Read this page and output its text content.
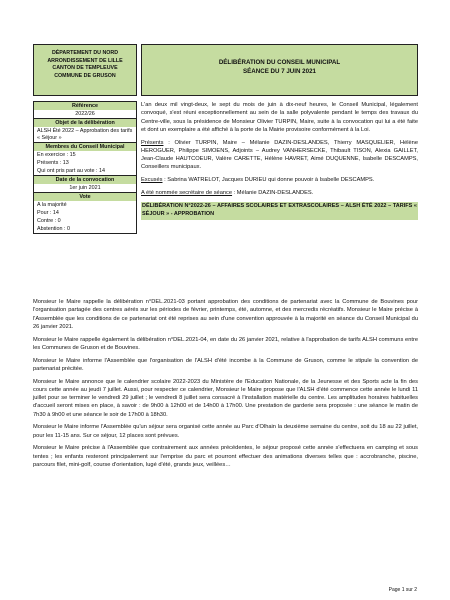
DÉPARTEMENT DU NORD
ARRONDISSEMENT DE LILLE
CANTON DE TEMPLEUVE
COMMUNE DE GRUSON
Référence
2022/26
Objet de la délibération
ALSH Été 2022 – Approbation des tarifs « Séjour »
Membres du Conseil Municipal
En exercice : 15
Présents : 13
Qui ont pris part au vote : 14
Date de la convocation
1er juin 2021
Vote
A la majorité
Pour : 14
Contre : 0
Abstention : 0
DÉLIBÉRATION DU CONSEIL MUNICIPAL
SÉANCE DU 7 JUIN 2021

L'an deux mil vingt-deux, le sept du mois de juin à dix-neuf heures, le Conseil Municipal, légalement convoqué, s'est réuni exceptionnellement au sein de la salle polyvalente pendant le temps des travaux du Centre-ville, sous la présidence de Monsieur Olivier TURPIN, Maire, suite à la convocation qui lui a été faite et dont un exemplaire a été affiché à la porte de la Mairie provisoire conformément à la Loi.

Présents : Olivier TURPIN, Maire – Mélanie DAZIN-DESLANDES, Thierry MASQUELIER, Hélène HEROGUER, Philippe SIMOENS, Adjoints – Audrey VANHERSECKE, Thibault TISON, Alexia GAILLET, Jean-Claude HAUTCOEUR, Valère CARETTE, Hélène HAVRET, Aimé DUQUENNE, Isabelle DESCAMPS, Conseillers municipaux.

Excusés : Sabrina WATRELOT, Jacques DURIEU qui donne pouvoir à Isabelle DESCAMPS.

A été nommée secrétaire de séance : Mélanie DAZIN-DESLANDES.

DÉLIBÉRATION N°2022-26 – AFFAIRES SCOLAIRES ET EXTRASCOLAIRES – ALSH ÉTÉ 2022 – TARIFS « SÉJOUR » - APPROBATION

Monsieur le Maire rappelle la délibération n°DEL.2021-03 portant approbation des conditions de partenariat avec la Commune de Bouvines pour l'organisation partagée des centres aérés sur les périodes de février, printemps, été, automne, et des mercredis récréatifs. Monsieur le Maire précise à l'Assemblée que les conditions de ce partenariat ont été reprises au sein d'une convention approuvée à la majorité en séance du Conseil Municipal du 26 janvier 2021.

Monsieur le Maire rappelle également la délibération n°DEL.2021-04, en date du 26 janvier 2021, relative à l'approbation de tarifs ALSH communs entre les Communes de Gruson et de Bouvines.

Monsieur le Maire informe l'Assemblée que l'organisation de l'ALSH d'été incombe à la Commune de Gruson, comme le stipule la convention de partenariat précitée.

Monsieur le Maire annonce que le calendrier scolaire 2022-2023 du Ministère de l'Education Nationale, de la Jeunesse et des Sports acte la fin des cours cette année au jeudi 7 juillet. Aussi, pour respecter ce calendrier, Monsieur le Maire propose que l'ALSH d'été commence cette année le lundi 11 juillet pour se terminer le vendredi 29 juillet ; le vendredi 8 juillet sera consacré à l'installation matérielle du centre. Les amplitudes horaires habituelles d'accueil seront mises en place, à savoir : de 9h00 à 12h00 et de 14h00 à 17h00. Une prestation de garderie sera proposée : une séance le matin de 7h30 à 9h00 et une séance le soir de 17h00 à 18h30.

Monsieur le Maire informe l'Assemblée qu'un séjour sera organisé cette année au Parc d'Olhain la deuxième semaine du centre, soit du 18 au 22 juillet, pour les 11-15 ans. Sur ce séjour, 12 places sont prévues.

Monsieur le Maire précise à l'Assemblée que contrairement aux années précédentes, le séjour proposé cette année s'effectuera en camping et sous tentes ; les enfants resteront principalement sur l'emprise du parc et pourront effectuer des animations diverses telles que : accrobranche, piscine, parcours filet, mini-golf, course d'orientation, lugé d'été, grands jeux, veillées…

Page 1 sur 2
